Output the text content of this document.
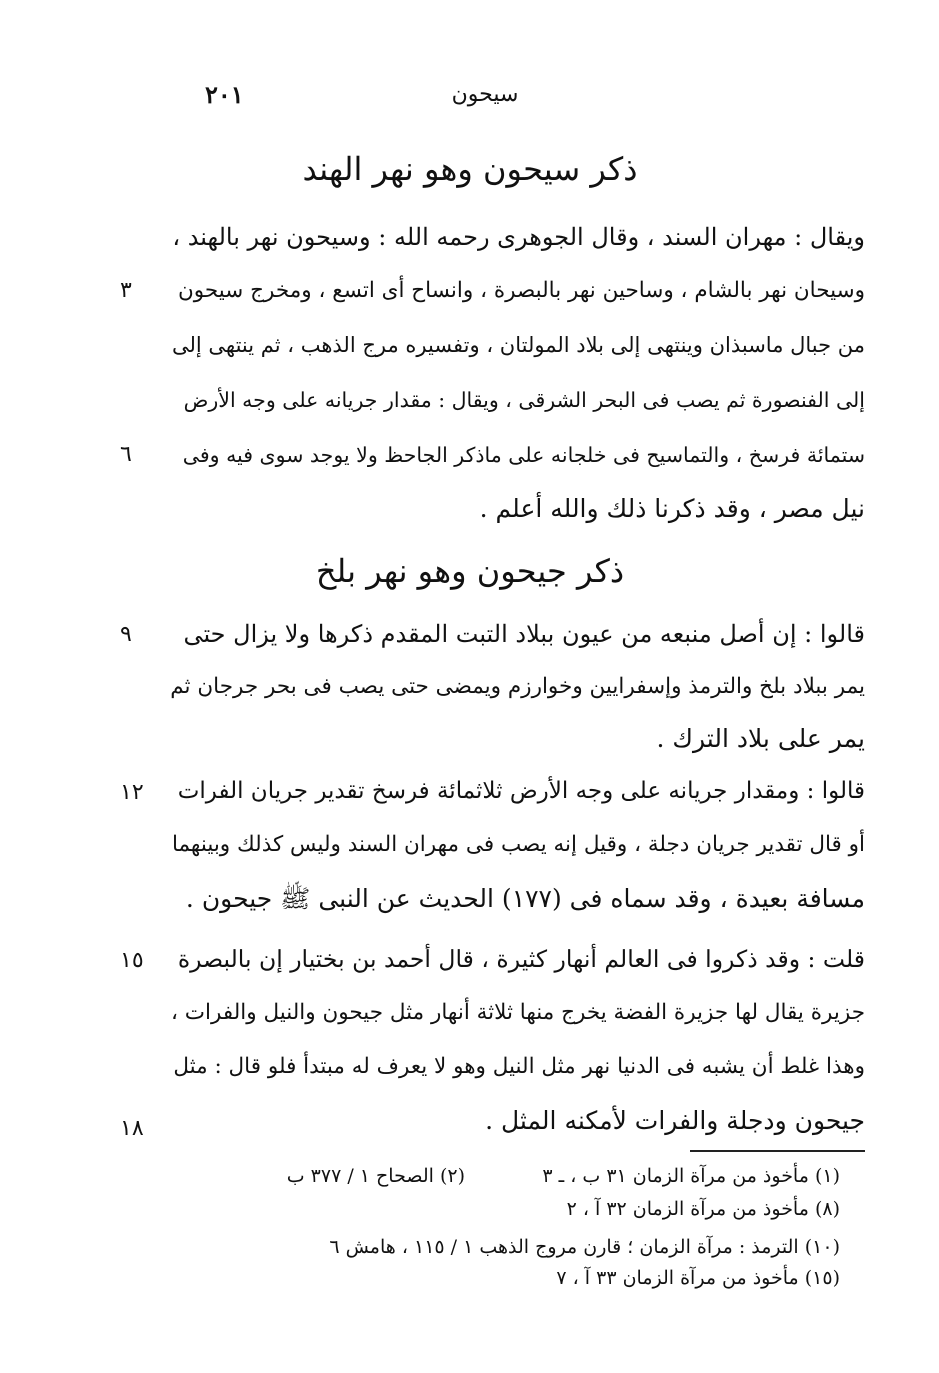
٢٠١	سيحون
ذكر سيحون وهو نهر الهند
ويقال : مهران السند ، وقال الجوهرى رحمه الله : وسيحون نهر بالهند ،
وسيحان نهر بالشام ، وساحين نهر بالبصرة ، وانساح أى اتسع ، ومخرج سيحون
من جبال ماسبذان وينتهى إلى بلاد المولتان ، وتفسيره مرج الذهب ، ثم ينتهى إلى
إلى الفنصورة ثم يصب فى البحر الشرقى ، ويقال : مقدار جريانه على وجه الأرض
ستمائة فرسخ ، والتماسيح فى خلجانه على ماذكر الجاحظ ولا يوجد سوى فيه وفى
نيل مصر ، وقد ذكرنا ذلك والله أعلم .
ذكر جيحون وهو نهر بلخ
قالوا : إن أصل منبعه من عيون ببلاد التبت المقدم ذكرها ولا يزال حتى
يمر ببلاد بلخ والترمذ وإسفرايين وخوارزم ويمضى حتى يصب فى بحر جرجان ثم
يمر على بلاد الترك .
قالوا : ومقدار جريانه على وجه الأرض ثلاثمائة فرسخ تقدير جريان الفرات
أو قال تقدير جريان دجلة ، وقيل إنه يصب فى مهران السند وليس كذلك وبينهما
مسافة بعيدة ، وقد سماه فى (١٧٧) الحديث عن النبى ﷺ جيحون .
قلت : وقد ذكروا فى العالم أنهار كثيرة ، قال أحمد بن بختيار إن بالبصرة
جزيرة يقال لها جزيرة الفضة يخرج منها ثلاثة أنهار مثل جيحون والنيل والفرات ،
وهذا غلط أن يشبه فى الدنيا نهر مثل النيل وهو لا يعرف له مبتدأ فلو قال : مثل
جيحون ودجلة والفرات لأمكنه المثل .
٣
٦
٩
١٢
١٥
١٨
(١) مأخوذ من مرآة الزمان ٣١ ب ، ـ ٣
(٢) الصحاح ١ / ٣٧٧ ب
(٨) مأخوذ من مرآة الزمان ٣٢ آ ، ٢
(١٠) الترمذ : مرآة الزمان ؛ قارن مروج الذهب ١ / ١١٥ ، هامش ٦
(١٥) مأخوذ من مرآة الزمان ٣٣ آ ، ٧
